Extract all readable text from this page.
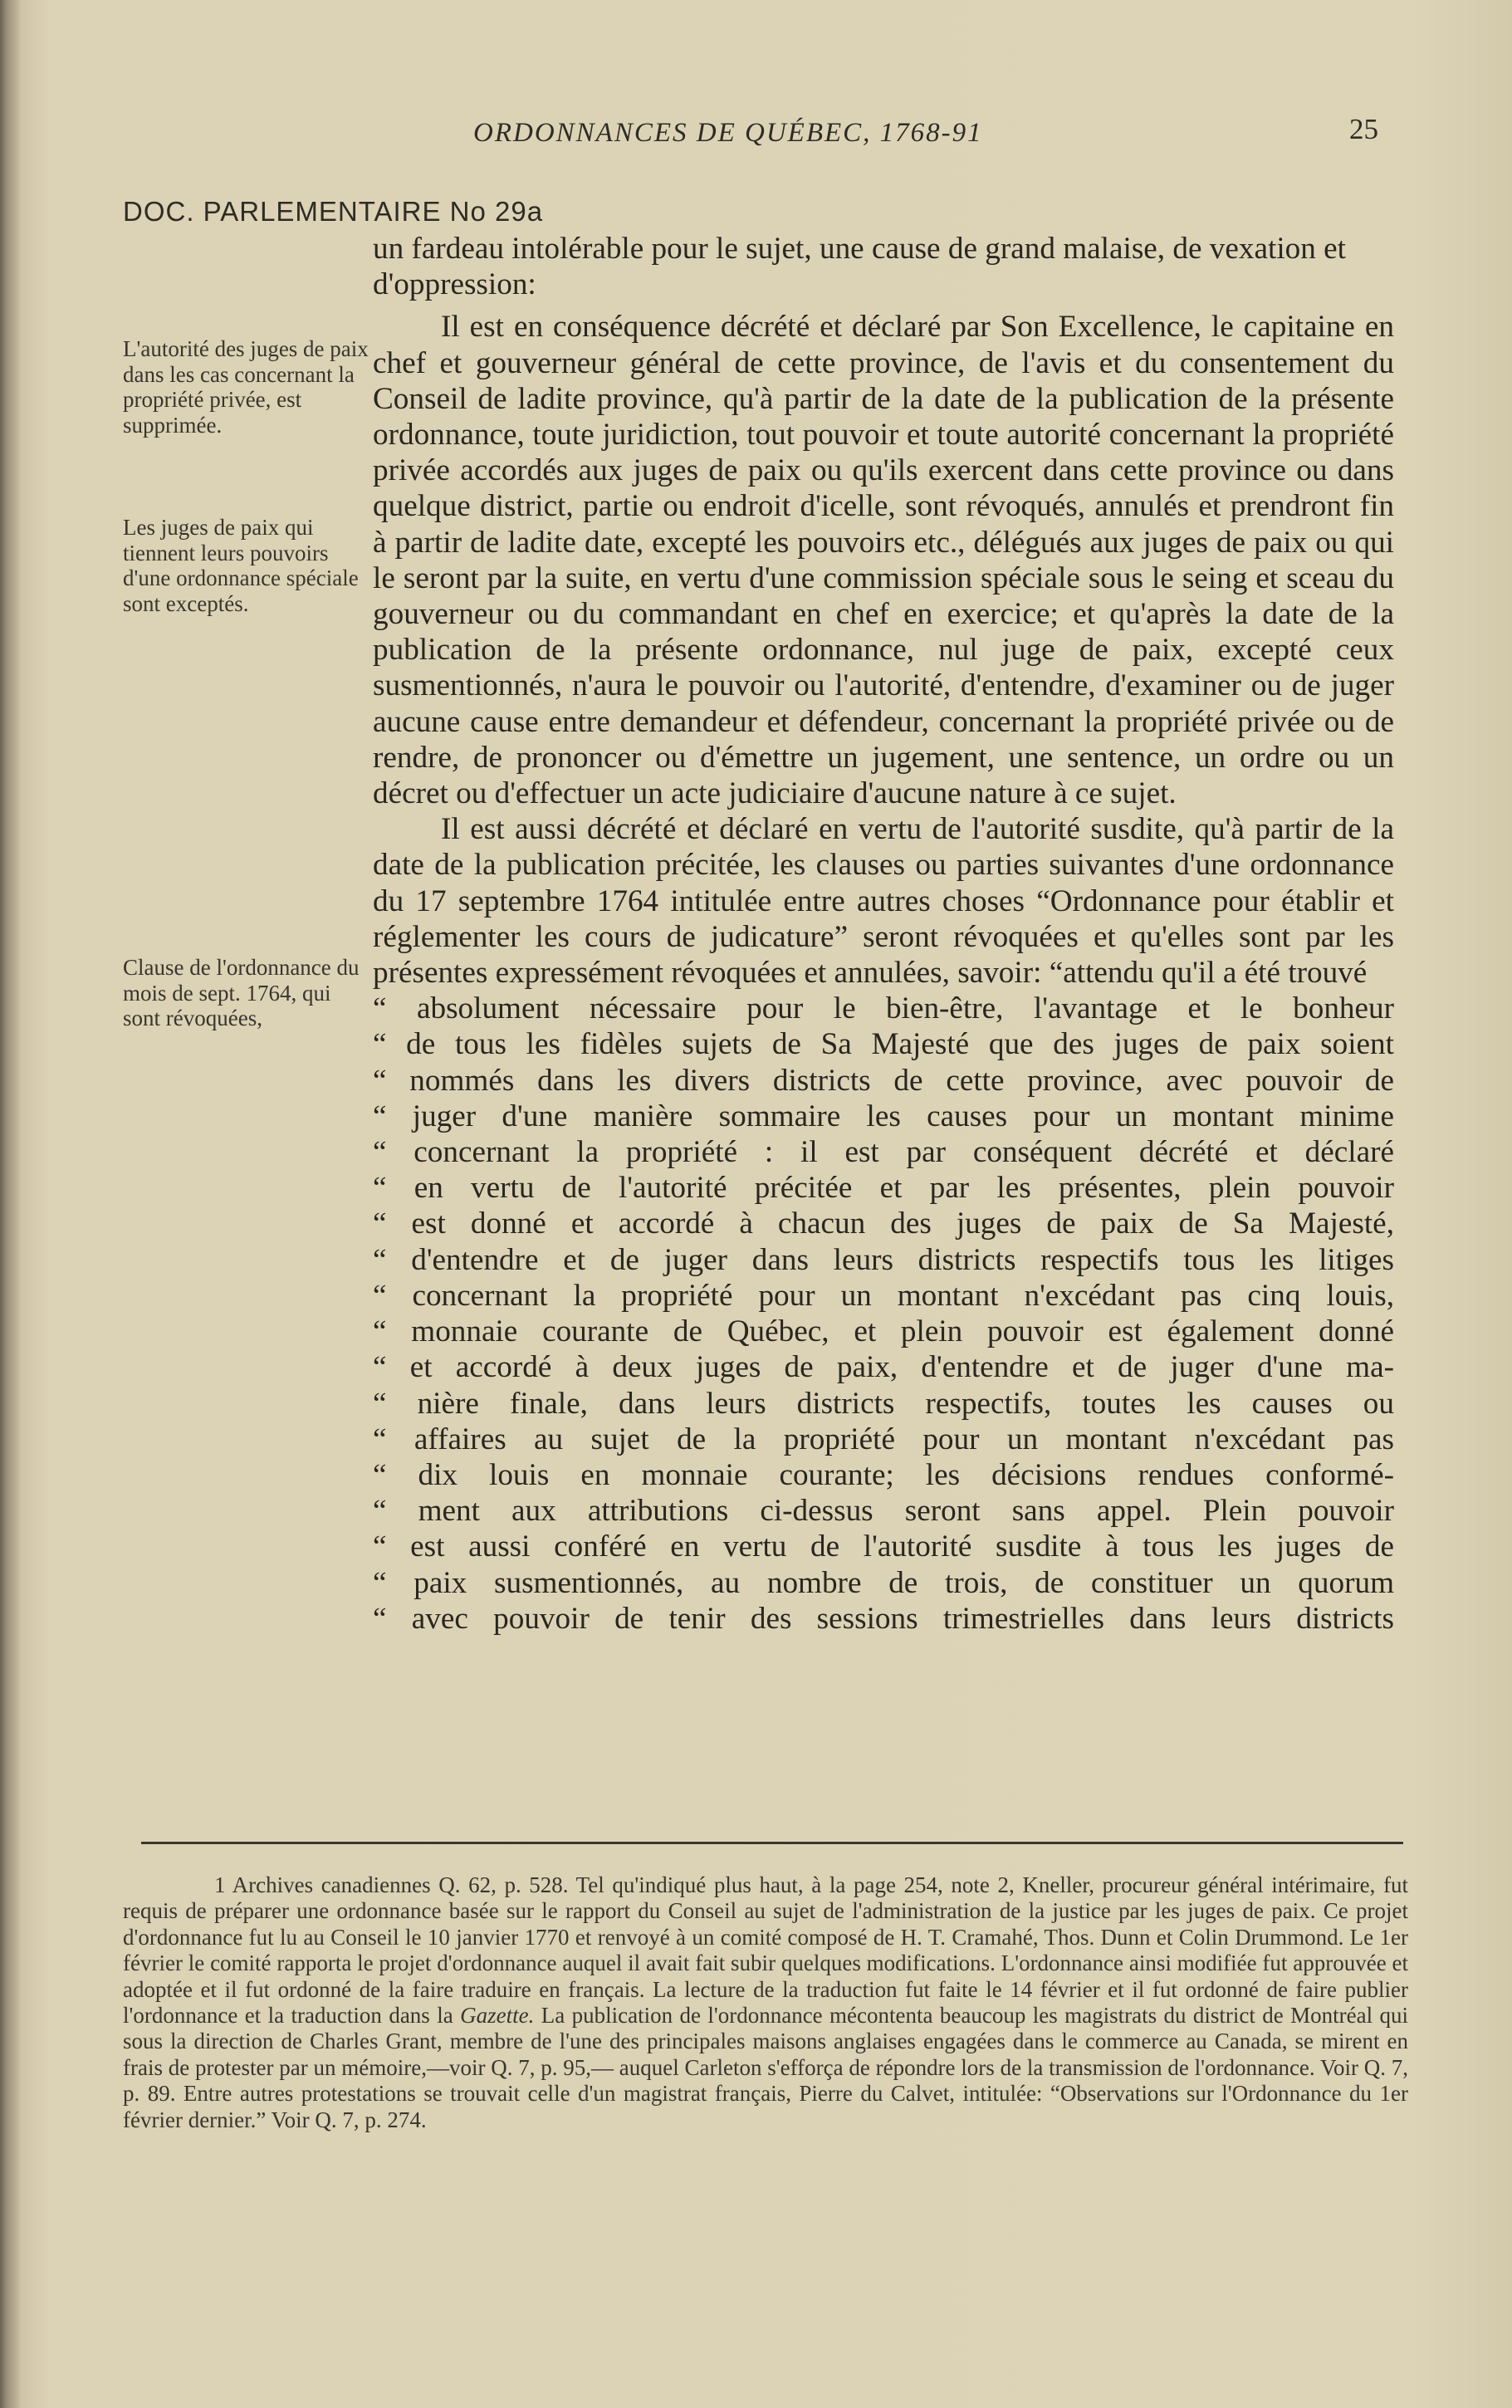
ORDONNANCES DE QUÉBEC, 1768-91	25
DOC. PARLEMENTAIRE No 29a
L'autorité des juges de paix dans les cas concernant la propriété privée, est supprimée.
Les juges de paix qui tiennent leurs pouvoirs d'une ordonnance spéciale sont exceptés.
Clause de l'ordonnance du mois de sept. 1764, qui sont révoquées,

un fardeau intolérable pour le sujet, une cause de grand malaise, de vexation et d'oppression:

Il est en conséquence décrété et déclaré par Son Excellence, le capitaine en chef et gouverneur général de cette province, de l'avis et du consentement du Conseil de ladite province, qu'à partir de la date de la publication de la présente ordonnance, toute juridiction, tout pouvoir et toute autorité concernant la propriété privée accordés aux juges de paix ou qu'ils exercent dans cette province ou dans quelque district, partie ou endroit d'icelle, sont révoqués, annulés et prendront fin à partir de ladite date, excepté les pouvoirs etc., délégués aux juges de paix ou qui le seront par la suite, en vertu d'une commission spéciale sous le seing et sceau du gouverneur ou du commandant en chef en exercice; et qu'après la date de la publication de la présente ordonnance, nul juge de paix, excepté ceux susmentionnés, n'aura le pouvoir ou l'autorité, d'entendre, d'examiner ou de juger aucune cause entre demandeur et défendeur, concernant la propriété privée ou de rendre, de prononcer ou d'émettre un jugement, une sentence, un ordre ou un décret ou d'effectuer un acte judiciaire d'aucune nature à ce sujet.

Il est aussi décrété et déclaré en vertu de l'autorité susdite, qu'à partir de la date de la publication précitée, les clauses ou parties suivantes d'une ordonnance du 17 septembre 1764 intitulée entre autres choses “Ordonnance pour établir et réglementer les cours de judicature” seront révoquées et qu'elles sont par les présentes expressément révoquées et annulées, savoir: “attendu qu'il a été trouvé

“ absolument nécessaire pour le bien-être, l'avantage et le bonheur
“ de tous les fidèles sujets de Sa Majesté que des juges de paix soient
“ nommés dans les divers districts de cette province, avec pouvoir de
“ juger d'une manière sommaire les causes pour un montant minime
“ concernant la propriété : il est par conséquent décrété et déclaré
“ en vertu de l'autorité précitée et par les présentes, plein pouvoir
“ est donné et accordé à chacun des juges de paix de Sa Majesté,
“ d'entendre et de juger dans leurs districts respectifs tous les litiges
“ concernant la propriété pour un montant n'excédant pas cinq louis,
“ monnaie courante de Québec, et plein pouvoir est également donné
“ et accordé à deux juges de paix, d'entendre et de juger d'une ma-
“ nière finale, dans leurs districts respectifs, toutes les causes ou
“ affaires au sujet de la propriété pour un montant n'excédant pas
“ dix louis en monnaie courante; les décisions rendues conformé-
“ ment aux attributions ci-dessus seront sans appel. Plein pouvoir
“ est aussi conféré en vertu de l'autorité susdite à tous les juges de
“ paix susmentionnés, au nombre de trois, de constituer un quorum
“ avec pouvoir de tenir des sessions trimestrielles dans leurs districts

1 Archives canadiennes Q. 62, p. 528. Tel qu'indiqué plus haut, à la page 254, note 2, Kneller, procureur général intérimaire, fut requis de préparer une ordonnance basée sur le rapport du Conseil au sujet de l'administration de la justice par les juges de paix. Ce projet d'ordonnance fut lu au Conseil le 10 janvier 1770 et renvoyé à un comité composé de H. T. Cramahé, Thos. Dunn et Colin Drummond. Le 1er février le comité rapporta le projet d'ordonnance auquel il avait fait subir quelques modifications. L'ordonnance ainsi modifiée fut approuvée et adoptée et il fut ordonné de la faire traduire en français. La lecture de la traduction fut faite le 14 février et il fut ordonné de faire publier l'ordonnance et la traduction dans la Gazette. La publication de l'ordonnance mécontenta beaucoup les magistrats du district de Montréal qui sous la direction de Charles Grant, membre de l'une des principales maisons anglaises engagées dans le commerce au Canada, se mirent en frais de protester par un mémoire,—voir Q. 7, p. 95,— auquel Carleton s'efforça de répondre lors de la transmission de l'ordonnance. Voir Q. 7, p. 89. Entre autres protestations se trouvait celle d'un magistrat français, Pierre du Calvet, intitulée: “Observations sur l'Ordonnance du 1er février dernier.” Voir Q. 7, p. 274.
